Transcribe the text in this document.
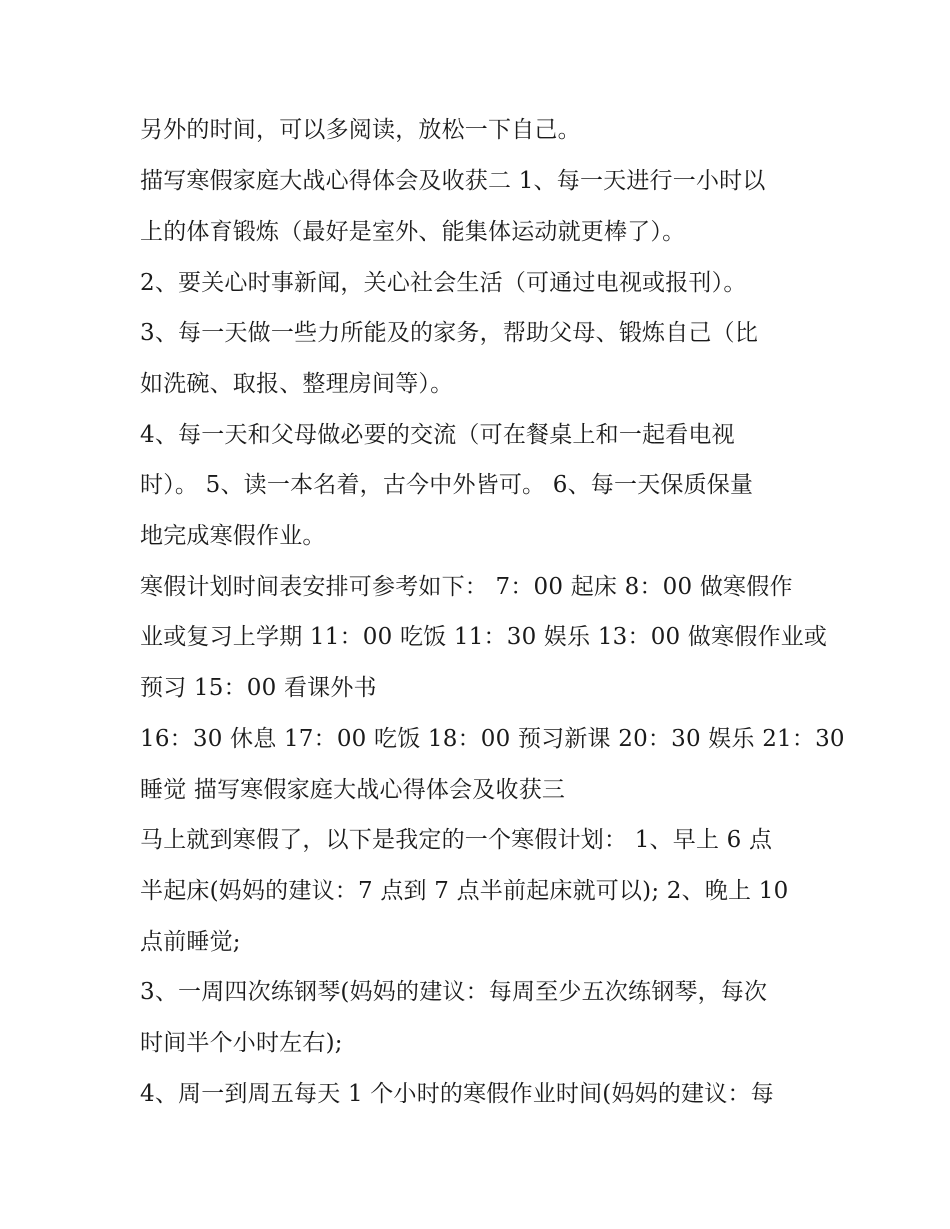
另外的时间，可以多阅读，放松一下自己。
描写寒假家庭大战心得体会及收获二 1、每一天进行一小时以
上的体育锻炼（最好是室外、能集体运动就更棒了）。
2、要关心时事新闻，关心社会生活（可通过电视或报刊）。
3、每一天做一些力所能及的家务，帮助父母、锻炼自己（比
如洗碗、取报、整理房间等）。
4、每一天和父母做必要的交流（可在餐桌上和一起看电视
时）。 5、读一本名着，古今中外皆可。 6、每一天保质保量
地完成寒假作业。
寒假计划时间表安排可参考如下： 7：00 起床 8：00 做寒假作
业或复习上学期 11：00 吃饭 11：30 娱乐 13：00 做寒假作业或
预习 15：00 看课外书
16：30 休息 17：00 吃饭 18：00 预习新课 20：30 娱乐 21：30
睡觉 描写寒假家庭大战心得体会及收获三
马上就到寒假了，以下是我定的一个寒假计划： 1、早上 6 点
半起床(妈妈的建议：7 点到 7 点半前起床就可以); 2、晚上 10
点前睡觉;
3、一周四次练钢琴(妈妈的建议：每周至少五次练钢琴，每次
时间半个小时左右);
4、周一到周五每天 1 个小时的寒假作业时间(妈妈的建议：每
